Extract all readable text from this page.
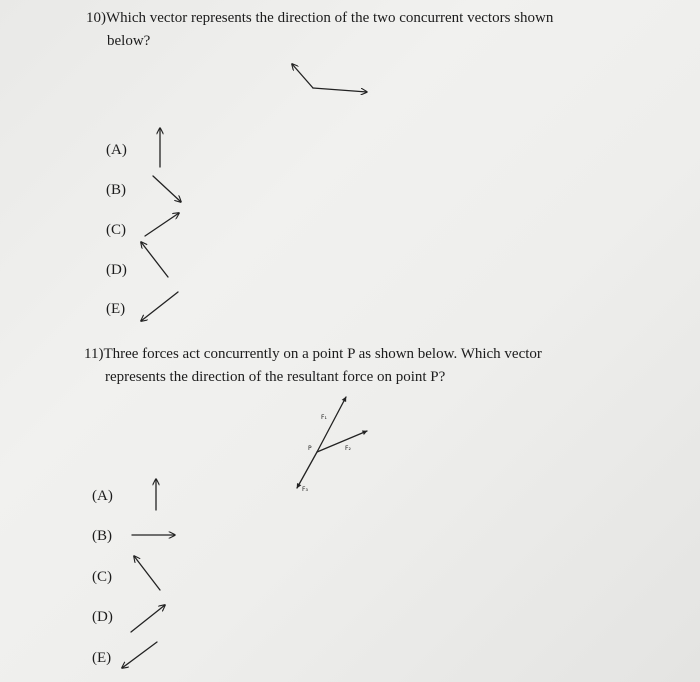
10)Which vector represents the direction of the two concurrent vectors shown
below?

(A)
(B)
(C)
(D)
(E)

11)Three forces act concurrently on a point P as shown below. Which vector
represents the direction of the resultant force on point P?

(A)
(B)
(C)
(D)
(E)
F₁
F₂
F₃
P
